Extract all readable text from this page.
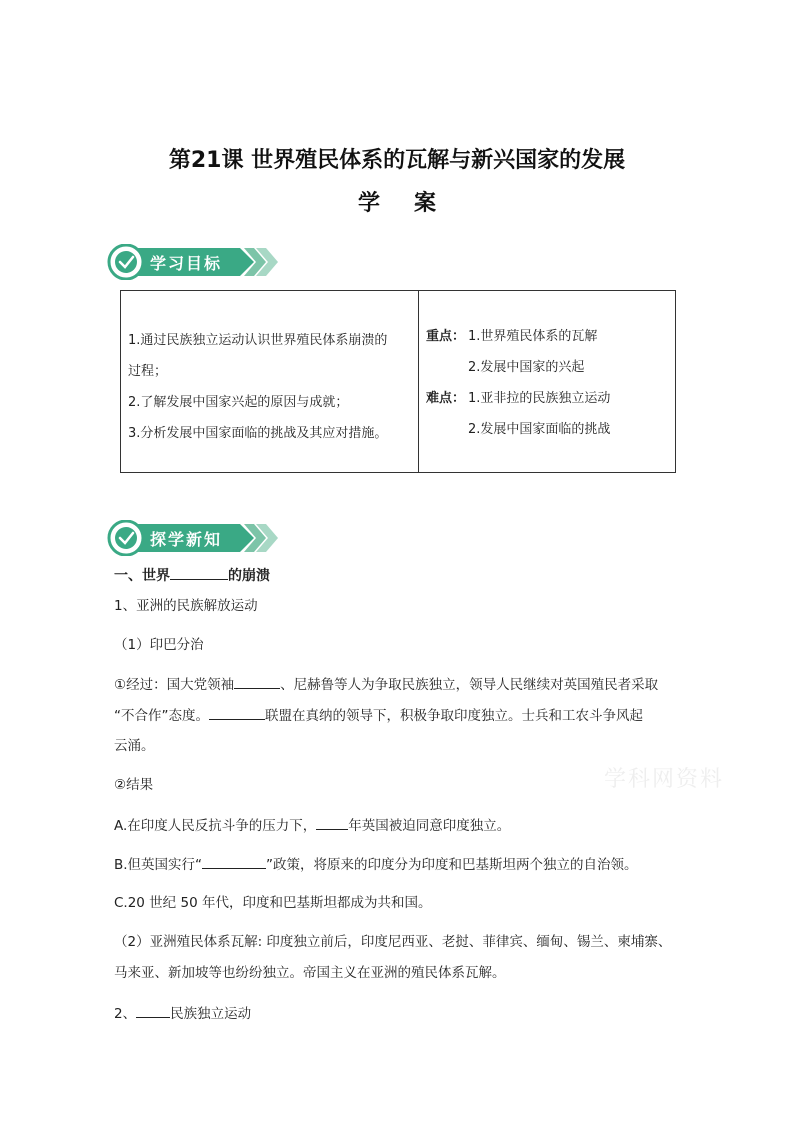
第21课 世界殖民体系的瓦解与新兴国家的发展
学案
学习目标
1.通过民族独立运动认识世界殖民体系崩溃的
过程；
2.了解发展中国家兴起的原因与成就；
3.分析发展中国家面临的挑战及其应对措施。
重点： 1.世界殖民体系的瓦解
2.发展中国家的兴起
难点： 1.亚非拉的民族独立运动
2.发展中国家面临的挑战
探学新知
一、世界	的崩溃
1、亚洲的民族解放运动
（1）印巴分治
①经过：国大党领袖	、尼赫鲁等人为争取民族独立，领导人民继续对英国殖民者采取
“不合作”态度。	联盟在真纳的领导下，积极争取印度独立。士兵和工农斗争风起
云涌。
②结果
A.在印度人民反抗斗争的压力下， 年英国被迫同意印度独立。
B.但英国实行“	”政策，将原来的印度分为印度和巴基斯坦两个独立的自治领。
C.20 世纪 50 年代，印度和巴基斯坦都成为共和国。
（2）亚洲殖民体系瓦解: 印度独立前后，印度尼西亚、老挝、菲律宾、缅甸、锡兰、柬埔寨、
马来亚、新加坡等也纷纷独立。帝国主义在亚洲的殖民体系瓦解。
2、	民族独立运动
学科网资料
